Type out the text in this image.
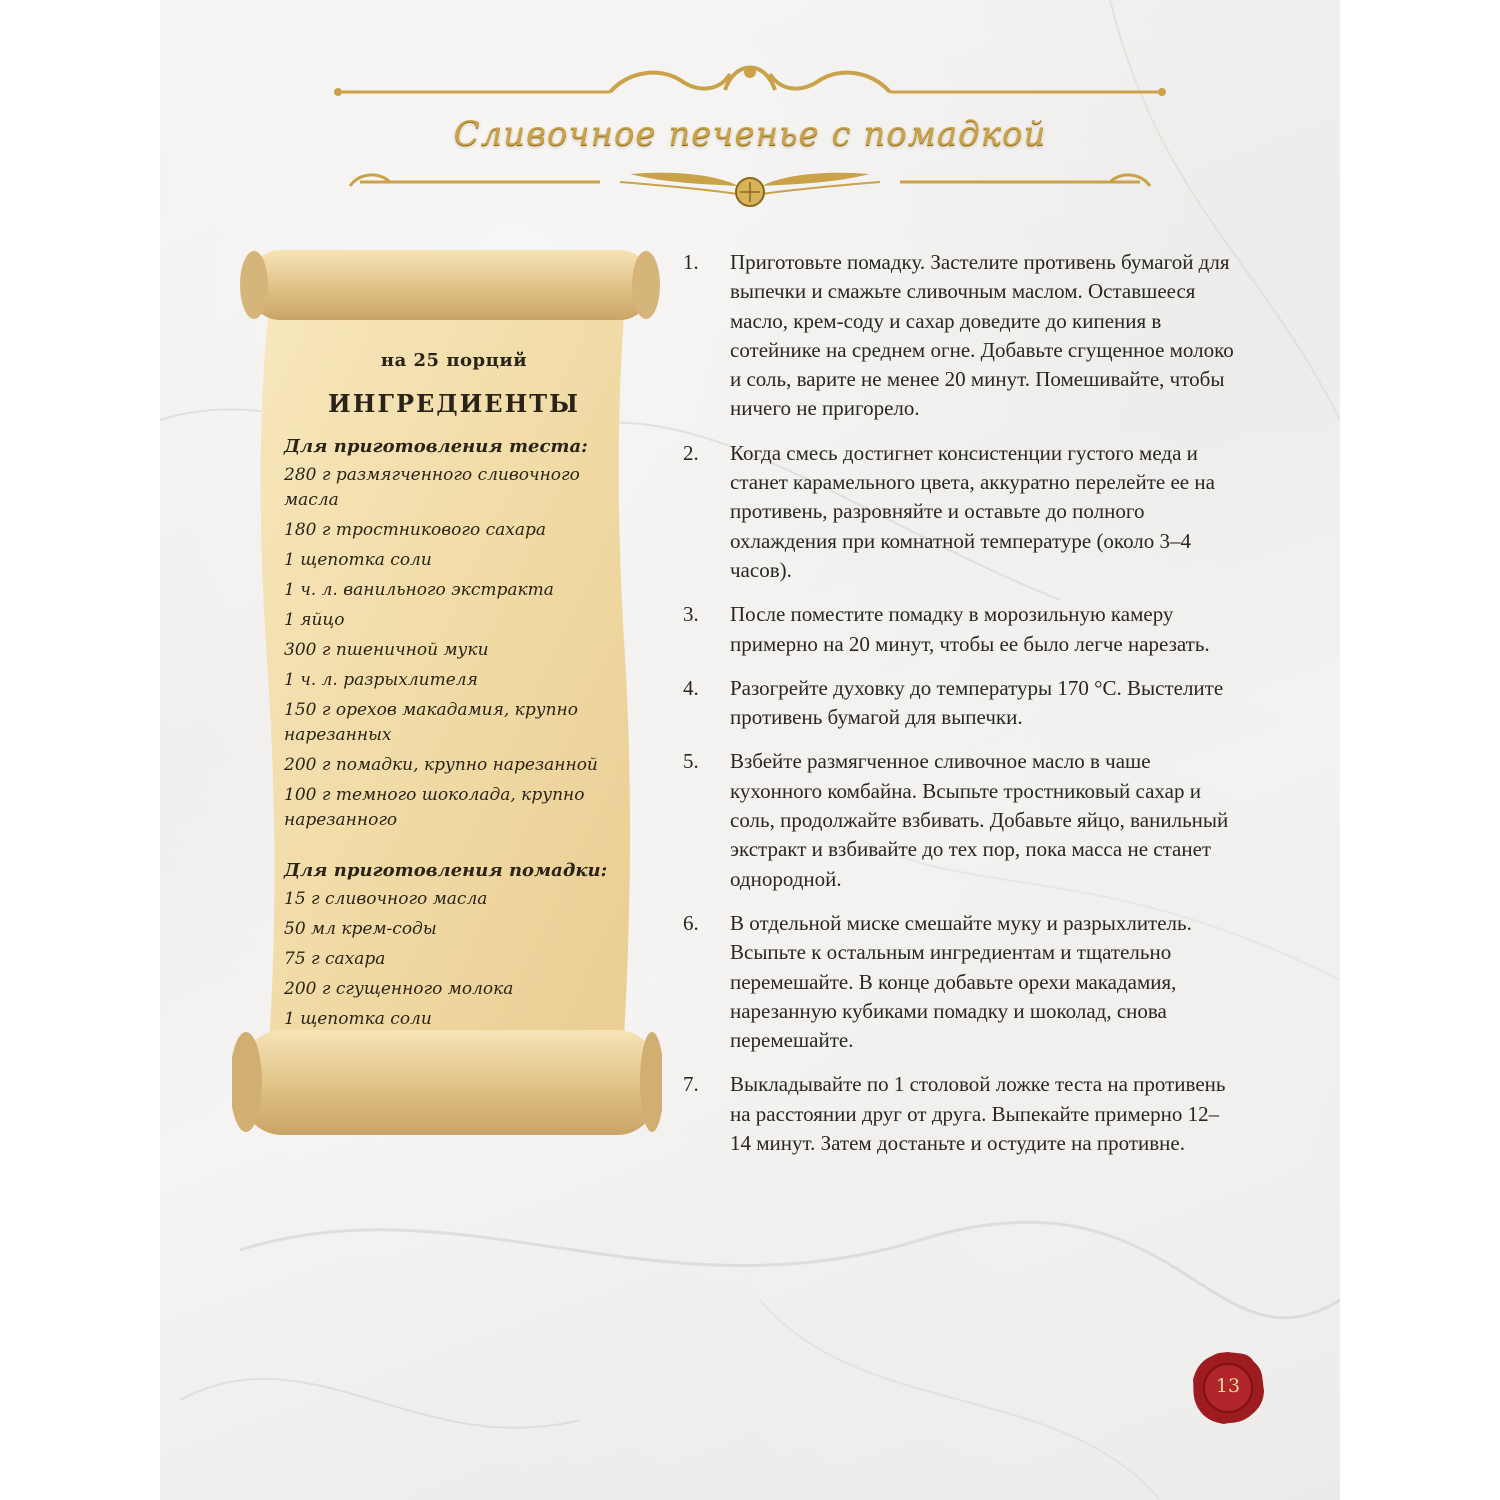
Сливочное печенье с помадкой
на 25 порций
ИНГРЕДИЕНТЫ
Для приготовления теста:
280 г размягченного сливочного масла
180 г тростникового сахара
1 щепотка соли
1 ч. л. ванильного экстракта
1 яйцо
300 г пшеничной муки
1 ч. л. разрыхлителя
150 г орехов макадамия, крупно нарезанных
200 г помадки, крупно нарезанной
100 г темного шоколада, крупно нарезанного
Для приготовления помадки:
15 г сливочного масла
50 мл крем-соды
75 г сахара
200 г сгущенного молока
1 щепотка соли
1. Приготовьте помадку. Застелите противень бумагой для выпечки и смажьте сливочным маслом. Оставшееся масло, крем-соду и сахар доведите до кипения в сотейнике на среднем огне. Добавьте сгущенное молоко и соль, варите не менее 20 минут. Помешивайте, чтобы ничего не пригорело.
2. Когда смесь достигнет консистенции густого меда и станет карамельного цвета, аккуратно перелейте ее на противень, разровняйте и оставьте до полного охлаждения при комнатной температуре (около 3–4 часов).
3. После поместите помадку в морозильную камеру примерно на 20 минут, чтобы ее было легче нарезать.
4. Разогрейте духовку до температуры 170 °С. Выстелите противень бумагой для выпечки.
5. Взбейте размягченное сливочное масло в чаше кухонного комбайна. Всыпьте тростниковый сахар и соль, продолжайте взбивать. Добавьте яйцо, ванильный экстракт и взбивайте до тех пор, пока масса не станет однородной.
6. В отдельной миске смешайте муку и разрыхлитель. Всыпьте к остальным ингредиентам и тщательно перемешайте. В конце добавьте орехи макадамия, нарезанную кубиками помадку и шоколад, снова перемешайте.
7. Выкладывайте по 1 столовой ложке теста на противень на расстоянии друг от друга. Выпекайте примерно 12–14 минут. Затем достаньте и остудите на противне.
13
